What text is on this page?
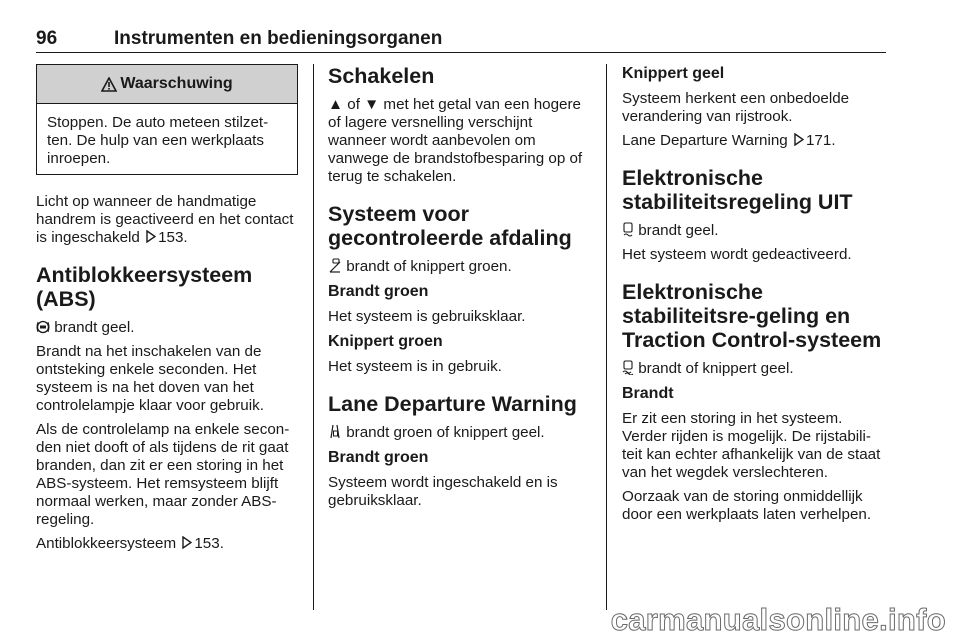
96	Instrumenten en bedieningsorganen
Waarschuwing

Stoppen. De auto meteen stilzet-ten. De hulp van een werkplaats inroepen.

Licht op wanneer de handmatige handrem is geactiveerd en het contact is ingeschakeld 153.

Antiblokkeersysteem (ABS)

brandt geel.

Brandt na het inschakelen van de ontsteking enkele seconden. Het systeem is na het doven van het controlelampje klaar voor gebruik.

Als de controlelamp na enkele secon-den niet dooft of als tijdens de rit gaat branden, dan zit er een storing in het ABS-systeem. Het remsysteem blijft normaal werken, maar zonder ABS-regeling.

Antiblokkeersysteem 153.

Schakelen

▲ of ▼ met het getal van een hogere of lagere versnelling verschijnt wanneer wordt aanbevolen om vanwege de brandstofbesparing op of terug te schakelen.

Systeem voor gecontroleerde afdaling

brandt of knippert groen.

Brandt groen

Het systeem is gebruiksklaar.

Knippert groen

Het systeem is in gebruik.

Lane Departure Warning

brandt groen of knippert geel.

Brandt groen

Systeem wordt ingeschakeld en is gebruiksklaar.

Knippert geel

Systeem herkent een onbedoelde verandering van rijstrook.

Lane Departure Warning 171.

Elektronische stabiliteitsregeling UIT

brandt geel.

Het systeem wordt gedeactiveerd.

Elektronische stabiliteitsre-geling en Traction Control-systeem

brandt of knippert geel.

Brandt

Er zit een storing in het systeem. Verder rijden is mogelijk. De rijstabili-teit kan echter afhankelijk van de staat van het wegdek verslechteren.

Oorzaak van de storing onmiddellijk door een werkplaats laten verhelpen.

carmanualsonline.info
